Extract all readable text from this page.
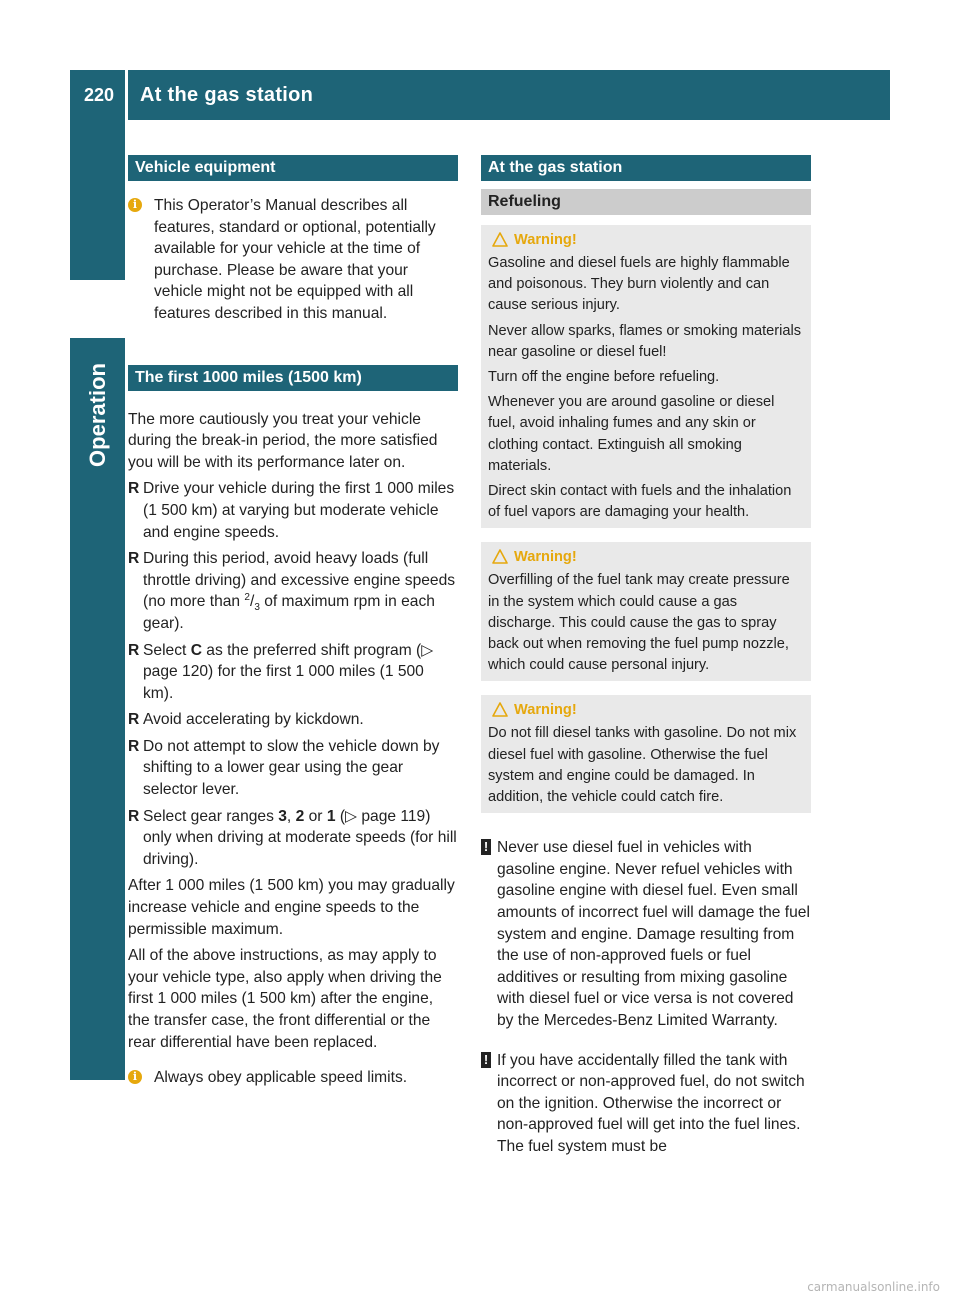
220	At the gas station
Operation
Vehicle equipment
i	This Operator’s Manual describes all features, standard or optional, potentially available for your vehicle at the time of purchase. Please be aware that your vehicle might not be equipped with all features described in this manual.

The first 1000 miles (1500 km)

The more cautiously you treat your vehicle during the break-in period, the more satisfied you will be with its performance later on.

R Drive your vehicle during the first 1 000 miles (1 500 km) at varying but moderate vehicle and engine speeds.
R During this period, avoid heavy loads (full throttle driving) and excessive engine speeds (no more than $^2/_3$ of maximum rpm in each gear).
R Select C as the preferred shift program (▷ page 120) for the first 1 000 miles (1 500 km).
R Avoid accelerating by kickdown.
R Do not attempt to slow the vehicle down by shifting to a lower gear using the gear selector lever.
R Select gear ranges 3, 2 or 1 (▷ page 119) only when driving at moderate speeds (for hill driving).

After 1 000 miles (1 500 km) you may gradually increase vehicle and engine speeds to the permissible maximum.

All of the above instructions, as may apply to your vehicle type, also apply when driving the first 1 000 miles (1 500 km) after the engine, the transfer case, the front differential or the rear differential have been replaced.

i	Always obey applicable speed limits.

At the gas station
Refueling
Warning!

Gasoline and diesel fuels are highly flammable and poisonous. They burn violently and can cause serious injury.

Never allow sparks, flames or smoking materials near gasoline or diesel fuel!

Turn off the engine before refueling.

Whenever you are around gasoline or diesel fuel, avoid inhaling fumes and any skin or clothing contact. Extinguish all smoking materials.

Direct skin contact with fuels and the inhalation of fuel vapors are damaging your health.

Warning!

Overfilling of the fuel tank may create pressure in the system which could cause a gas discharge. This could cause the gas to spray back out when removing the fuel pump nozzle, which could cause personal injury.

Warning!

Do not fill diesel tanks with gasoline. Do not mix diesel fuel with gasoline. Otherwise the fuel system and engine could be damaged. In addition, the vehicle could catch fire.

! Never use diesel fuel in vehicles with gasoline engine. Never refuel vehicles with gasoline engine with diesel fuel. Even small amounts of incorrect fuel will damage the fuel system and engine. Damage resulting from the use of non-approved fuels or fuel additives or resulting from mixing gasoline with diesel fuel or vice versa is not covered by the Mercedes-Benz Limited Warranty.

! If you have accidentally filled the tank with incorrect or non-approved fuel, do not switch on the ignition. Otherwise the incorrect or non-approved fuel will get into the fuel lines. The fuel system must be

carmanualsonline.info
